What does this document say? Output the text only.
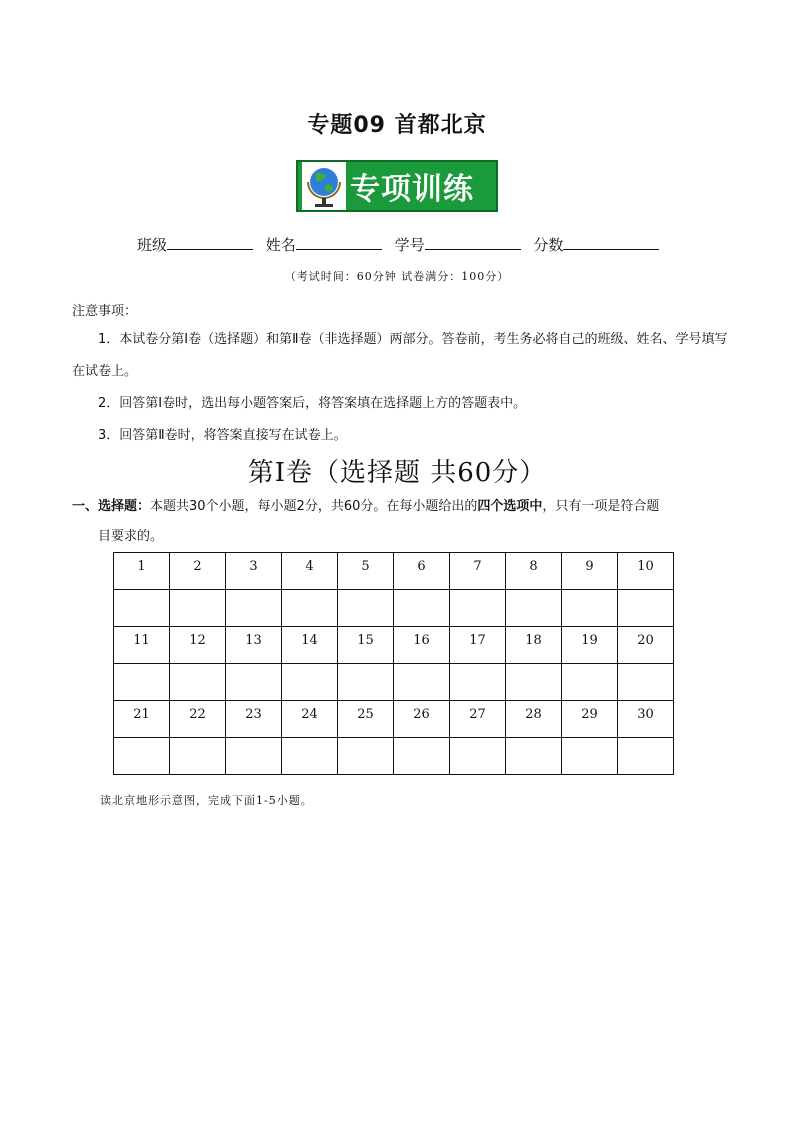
专题09 首都北京
专项训练
班级	姓名	学号	分数
（考试时间：60分钟 试卷满分：100分）
注意事项：
1．本试卷分第Ⅰ卷（选择题）和第Ⅱ卷（非选择题）两部分。答卷前，考生务必将自己的班级、姓名、学号填写在试卷上。
2．回答第Ⅰ卷时，选出每小题答案后，将答案填在选择题上方的答题表中。
3．回答第Ⅱ卷时，将答案直接写在试卷上。
第Ⅰ卷（选择题 共60分）
一、选择题：本题共30个小题，每小题2分，共60分。在每小题给出的四个选项中，只有一项是符合题
目要求的。
1	2	3	4	5	6	7	8	9	10

11	12	13	14	15	16	17	18	19	20

21	22	23	24	25	26	27	28	29	30

读北京地形示意图，完成下面1-5小题。
